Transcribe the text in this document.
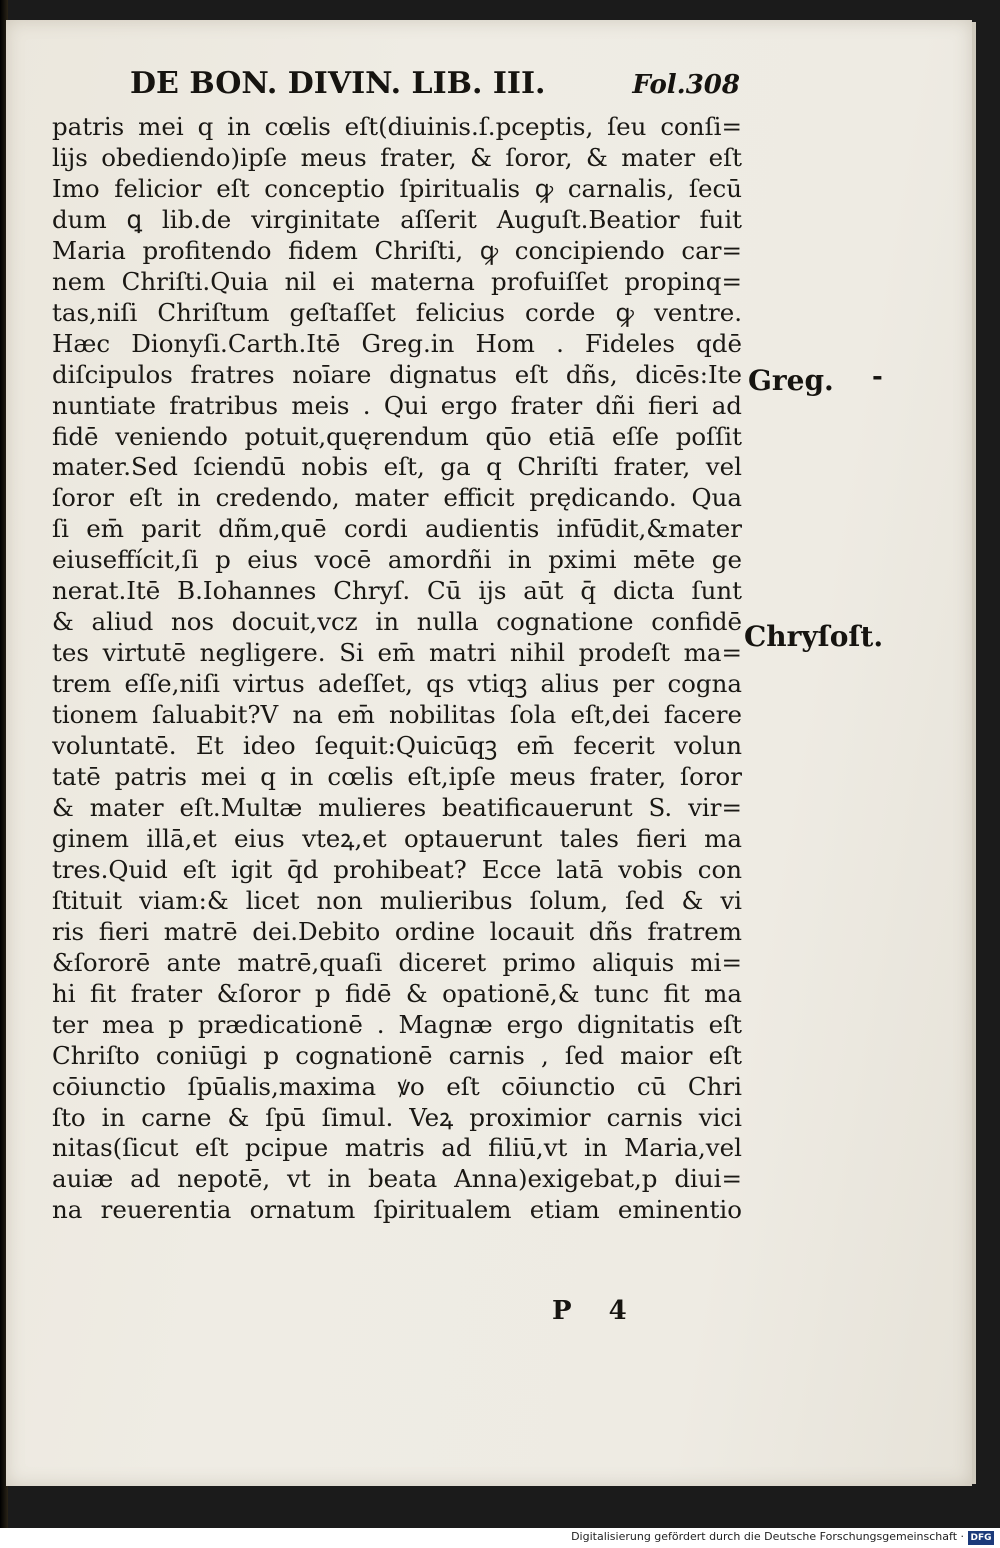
DE BON. DIVIN. LIB. III.	Fol.308
patris mei q in cœlis eſt(diuinis.ſ.pceptis, ſeu conſi=
lijs obediendo)ipſe meus frater, & ſoror, & mater eſt
Imo felicior eſt conceptio ſpiritualis ꝙ carnalis, ſecū
dum ꝗ lib.de virginitate aſſerit Auguſt.Beatior fuit
Maria profitendo fidem Chriſti, ꝙ concipiendo car=
nem Chriſti.Quia nil ei materna profuiſſet propinq=
tas,niſi Chriſtum geſtaſſet felicius corde ꝙ ventre.
Hæc Dionyſi.Carth.Itē Greg.in Hom . Fideles qdē
diſcipulos fratres noīare dignatus eſt dñs, dicēs:Ite
nuntiate fratribus meis . Qui ergo frater dñi fieri ad
fidē veniendo potuit,quęrendum qūo etiā eſſe poſſit
mater.Sed ſciendū nobis eſt, ga q Chriſti frater, vel
ſoror eſt in credendo, mater efficit prędicando. Qua
ſi em̄ parit dñm,quē cordi audientis infūdit,&mater
eiuseffícit,ſi p eius vocē amordñi in pximi mēte ge
nerat.Itē B.Iohannes Chryſ. Cū ijs aūt q̄ dicta ſunt
& aliud nos docuit,vcz in nulla cognatione confidē
tes virtutē negligere. Si em̄ matri nihil prodeſt ma=
trem eſſe,niſi virtus adeſſet, qs vtiqꝫ alius per cogna
tionem ſaluabit?V na em̄ nobilitas ſola eſt,dei facere
voluntatē. Et ideo ſequit:Quicūqꝫ em̄ fecerit volun
tatē patris mei q in cœlis eſt,ipſe meus frater, ſoror
& mater eſt.Multæ mulieres beatificauerunt S. vir=
ginem illā,et eius vteꝝ,et optauerunt tales fieri ma
tres.Quid eſt igit q̄d prohibeat? Ecce latā vobis con
ſtituit viam:& licet non mulieribus ſolum, ſed & vi
ris fieri matrē dei.Debito ordine locauit dñs fratrem
&ſororē ante matrē,quaſi diceret primo aliquis mi=
hi fit frater &ſoror p fidē & opationē,& tunc fit ma
ter mea p prædicationē . Magnæ ergo dignitatis eſt
Chriſto coniūgi p cognationē carnis , ſed maior eſt
cōiunctio ſpūalis,maxima ꝟo eſt cōiunctio cū Chri
ſto in carne & ſpū ſimul. Veꝝ proximior carnis vici
nitas(ſicut eſt pcipue matris ad filiū,vt in Maria,vel
auiæ ad nepotē, vt in beata Anna)exigebat,p diui=
na reuerentia ornatum ſpiritualem etiam eminentio
Greg. -
Chryſoſt.
P 4
Digitalisierung gefördert durch die Deutsche Forschungsgemeinschaft · DFG
